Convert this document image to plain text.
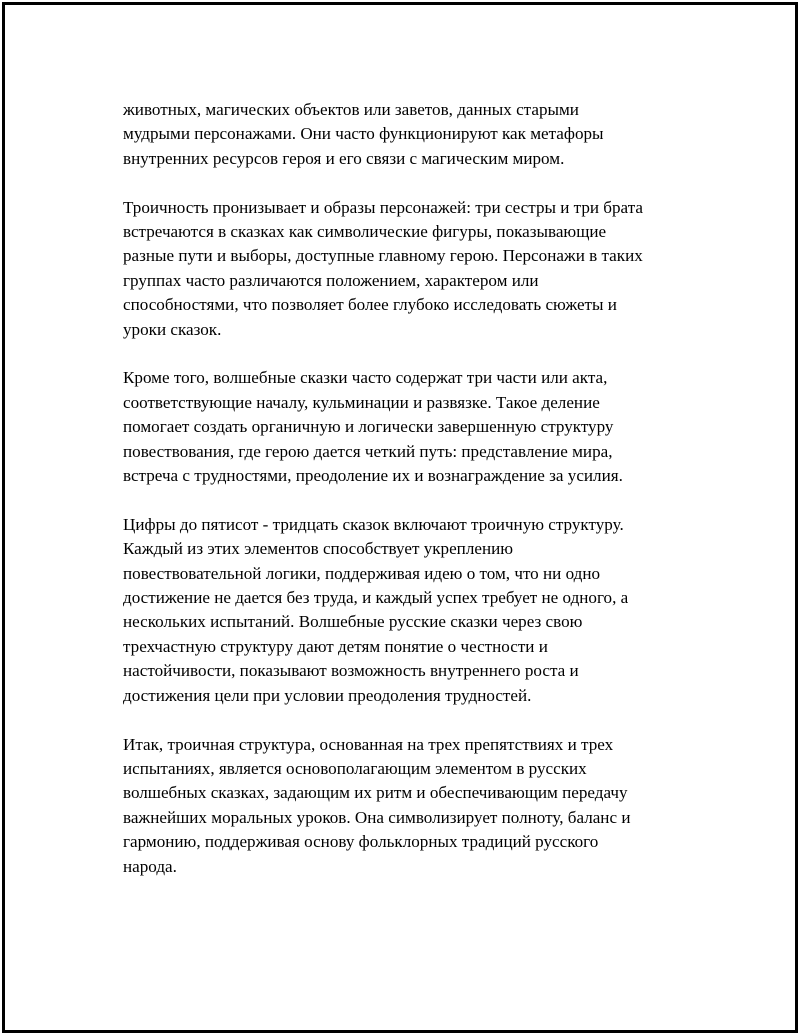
животных, магических объектов или заветов, данных старыми
мудрыми персонажами. Они часто функционируют как метафоры
внутренних ресурсов героя и его связи с магическим миром.

Троичность пронизывает и образы персонажей: три сестры и три брата
встречаются в сказках как символические фигуры, показывающие
разные пути и выборы, доступные главному герою. Персонажи в таких
группах часто различаются положением, характером или
способностями, что позволяет более глубоко исследовать сюжеты и
уроки сказок.

Кроме того, волшебные сказки часто содержат три части или акта,
соответствующие началу, кульминации и развязке. Такое деление
помогает создать органичную и логически завершенную структуру
повествования, где герою дается четкий путь: представление мира,
встреча с трудностями, преодоление их и вознаграждение за усилия.

Цифры до пятисот - тридцать сказок включают троичную структуру.
Каждый из этих элементов способствует укреплению
повествовательной логики, поддерживая идею о том, что ни одно
достижение не дается без труда, и каждый успех требует не одного, а
нескольких испытаний. Волшебные русские сказки через свою
трехчастную структуру дают детям понятие о честности и
настойчивости, показывают возможность внутреннего роста и
достижения цели при условии преодоления трудностей.

Итак, троичная структура, основанная на трех препятствиях и трех
испытаниях, является основополагающим элементом в русских
волшебных сказках, задающим их ритм и обеспечивающим передачу
важнейших моральных уроков. Она символизирует полноту, баланс и
гармонию, поддерживая основу фольклорных традиций русского
народа.
